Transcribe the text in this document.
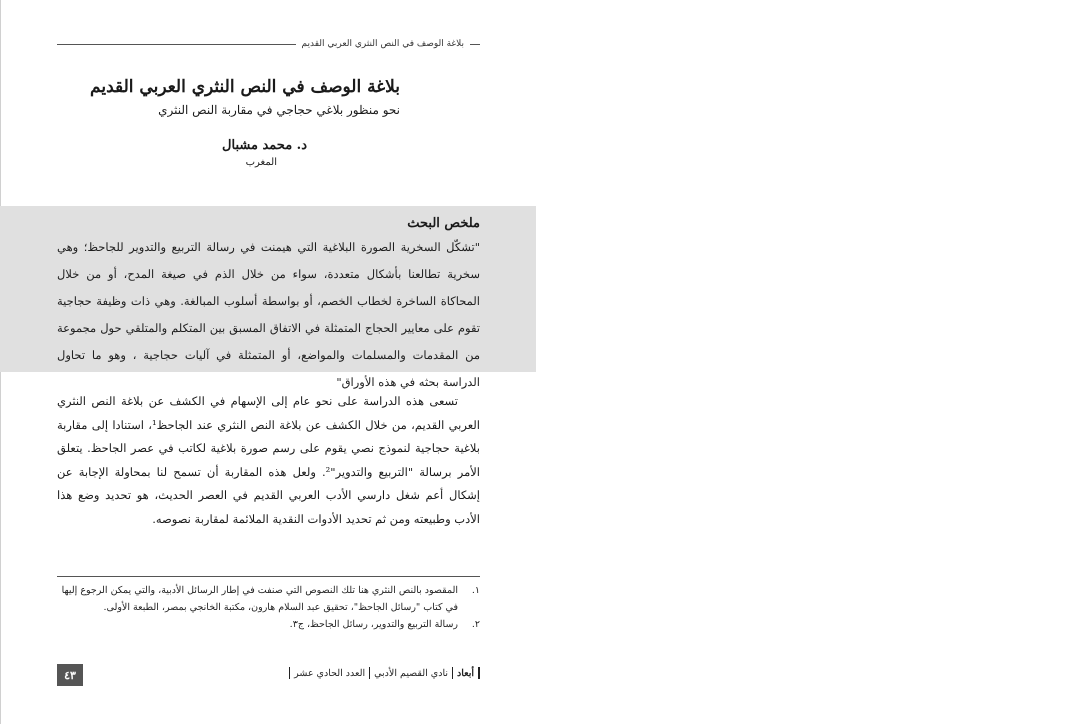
بلاغة الوصف في النص النثري العربي القديم
بلاغة الوصف في النص النثري العربي القديم
نحو منظور بلاغي حجاجي في مقاربة النص النثري
د. محمد مشبال
المغرب
ملخص البحث

"تشكّل السخرية الصورة البلاغية التي هيمنت في رسالة التربيع والتدوير للجاحظ؛ وهي سخرية تطالعنا بأشكال متعددة، سواء من خلال الذم في صيغة المدح، أو من خلال المحاكاة الساخرة لخطاب الخصم، أو بواسطة أسلوب المبالغة. وهي ذات وظيفة حجاجية تقوم على معايير الحجاج المتمثلة في الاتفاق المسبق بين المتكلم والمتلقي حول مجموعة من المقدمات والمسلمات والمواضع، أو المتمثلة في آليات حجاجية ، وهو ما تحاول الدراسة بحثه في هذه الأوراق"

تسعى هذه الدراسة على نحو عام إلى الإسهام في الكشف عن بلاغة النص النثري العربي القديم، من خلال الكشف عن بلاغة النص النثري عند الجاحظ¹، استنادا إلى مقاربة بلاغية حجاجية لنموذج نصي يقوم على رسم صورة بلاغية لكاتب في عصر الجاحظ. يتعلق الأمر برسالة "التربيع والتدوير"². ولعل هذه المقاربة أن تسمح لنا بمحاولة الإجابة عن إشكال أعم شغل دارسي الأدب العربي القديم في العصر الحديث، هو تحديد وضع هذا الأدب وطبيعته ومن ثم تحديد الأدوات النقدية الملائمة لمقاربة نصوصه.

١.
المقصود بالنص النثري هنا تلك النصوص التي صنفت في إطار الرسائل الأدبية، والتي يمكن الرجوع إليها في كتاب "رسائل الجاحظ"، تحقيق عبد السلام هارون، مكتبة الخانجي بمصر، الطبعة الأولى.
٢.
رسالة التربيع والتدوير، رسائل الجاحظ، ج٣.
٤٣	أبعاد
نادي القصيم الأدبي
العدد الحادي عشر
